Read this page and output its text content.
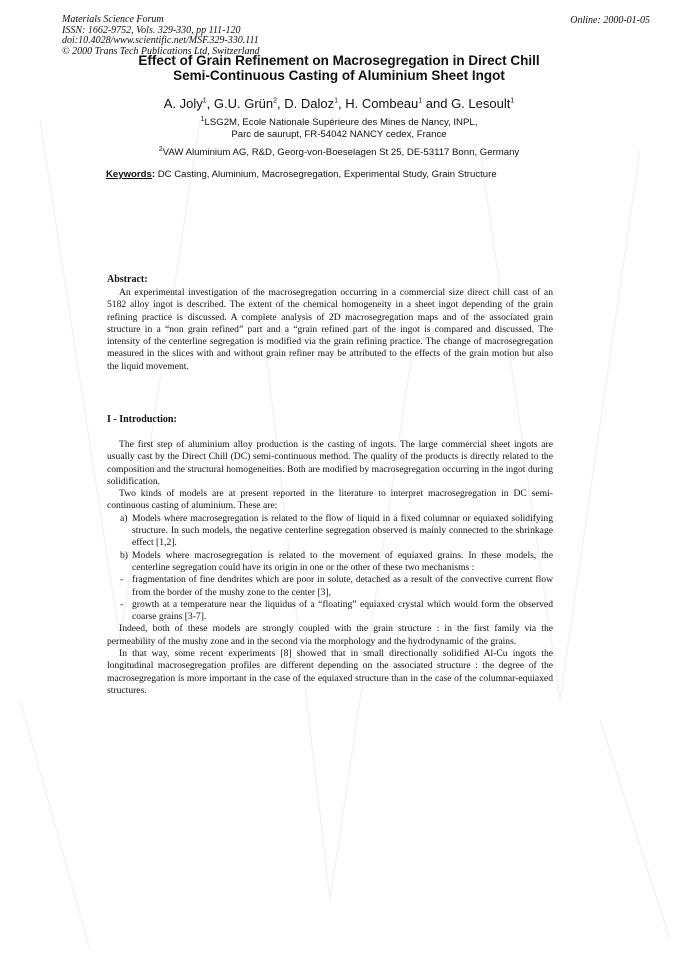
Materials Science Forum
ISSN: 1662-9752, Vols. 329-330, pp 111-120
doi:10.4028/www.scientific.net/MSF.329-330.111
© 2000 Trans Tech Publications Ltd, Switzerland
Online: 2000-01-05
Effect of Grain Refinement on Macrosegregation in Direct Chill
Semi-Continuous Casting of Aluminium Sheet Ingot
A. Joly$^1$, G.U. Grün$^2$, D. Daloz$^1$, H. Combeau$^1$ and G. Lesoult$^1$
$^1$LSG2M, Ecole Nationale Supérieure des Mines de Nancy, INPL,
Parc de saurupt, FR-54042 NANCY cedex, France
$^2$VAW Aluminium AG, R&D, Georg-von-Boeselagen St 25, DE-53117 Bonn, Germany
Keywords: DC Casting, Aluminium, Macrosegregation, Experimental Study, Grain Structure
Abstract:

An experimental investigation of the macrosegregation occurring in a commercial size direct chill cast of an 5182 alloy ingot is described. The extent of the chemical homogeneity in a sheet ingot depending of the grain refining practice is discussed. A complete analysis of 2D macrosegregation maps and of the associated grain structure in a “non grain refined” part and a “grain refined part of the ingot is compared and discussed. The intensity of the centerline segregation is modified via the grain refining practice. The change of macrosegregation measured in the slices with and without grain refiner may be attributed to the effects of the grain motion but also the liquid movement.

I - Introduction:

The first step of aluminium alloy production is the casting of ingots. The large commercial sheet ingots are usually cast by the Direct Chill (DC) semi-continuous method. The quality of the products is directly related to the composition and the structural homogeneities. Both are modified by macrosegregation occurring in the ingot during solidification.

Two kinds of models are at present reported in the literature to interpret macrosegregation in DC semi-continuous casting of aluminium. These are:

a) Models where macrosegregation is related to the flow of liquid in a fixed columnar or equiaxed solidifying structure. In such models, the negative centerline segregation observed is mainly connected to the shrinkage effect [1,2].
b) Models where macrosegregation is related to the movement of equiaxed grains. In these models, the centerline segregation could have its origin in one or the other of these two mechanisms :
- fragmentation of fine dendrites which are poor in solute, detached as a result of the convective current flow from the border of the mushy zone to the center [3],
- growth at a temperature near the liquidus of a “floating” equiaxed crystal which would form the observed coarse grains [3-7].

Indeed, both of these models are strongly coupled with the grain structure : in the first family via the permeability of the mushy zone and in the second via the morphology and the hydrodynamic of the grains.

In that way, some recent experiments [8] showed that in small directionally solidified Al-Cu ingots the longitudinal macrosegregation profiles are different depending on the associated structure : the degree of the macrosegregation is more important in the case of the equiaxed structure than in the case of the columnar-equiaxed structures.
